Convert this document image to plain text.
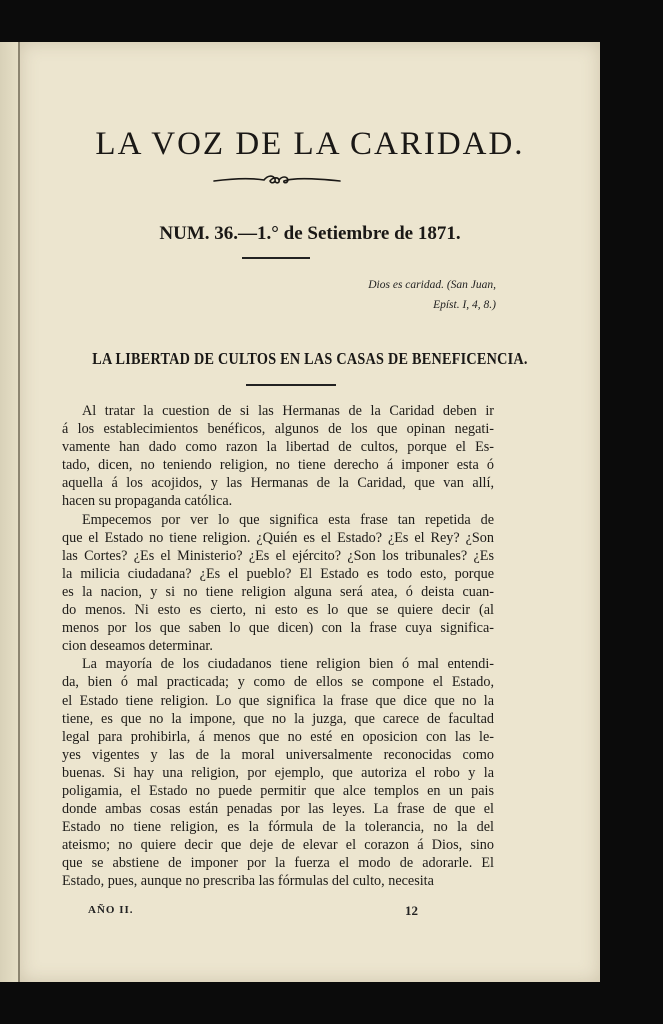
LA VOZ DE LA CARIDAD.
NUM. 36.—1.° de Setiembre de 1871.
Dios es caridad. (San Juan,
Epíst. I, 4, 8.)
LA LIBERTAD DE CULTOS EN LAS CASAS DE BENEFICENCIA.
Al tratar la cuestion de si las Hermanas de la Caridad deben ir
á los establecimientos benéficos, algunos de los que opinan negati-
vamente han dado como razon la libertad de cultos, porque el Es-
tado, dicen, no teniendo religion, no tiene derecho á imponer esta ó
aquella á los acojidos, y las Hermanas de la Caridad, que van allí,
hacen su propaganda católica.
Empecemos por ver lo que significa esta frase tan repetida de
que el Estado no tiene religion. ¿Quién es el Estado? ¿Es el Rey? ¿Son
las Cortes? ¿Es el Ministerio? ¿Es el ejército? ¿Son los tribunales? ¿Es
la milicia ciudadana? ¿Es el pueblo? El Estado es todo esto, porque
es la nacion, y si no tiene religion alguna será atea, ó deista cuan-
do menos. Ni esto es cierto, ni esto es lo que se quiere decir (al
menos por los que saben lo que dicen) con la frase cuya significa-
cion deseamos determinar.
La mayoría de los ciudadanos tiene religion bien ó mal entendi-
da, bien ó mal practicada; y como de ellos se compone el Estado,
el Estado tiene religion. Lo que significa la frase que dice que no la
tiene, es que no la impone, que no la juzga, que carece de facultad
legal para prohibirla, á menos que no esté en oposicion con las le-
yes vigentes y las de la moral universalmente reconocidas como
buenas. Si hay una religion, por ejemplo, que autoriza el robo y la
poligamia, el Estado no puede permitir que alce templos en un pais
donde ambas cosas están penadas por las leyes. La frase de que el
Estado no tiene religion, es la fórmula de la tolerancia, no la del
ateismo; no quiere decir que deje de elevar el corazon á Dios, sino
que se abstiene de imponer por la fuerza el modo de adorarle. El
Estado, pues, aunque no prescriba las fórmulas del culto, necesita
AÑO II.	12
